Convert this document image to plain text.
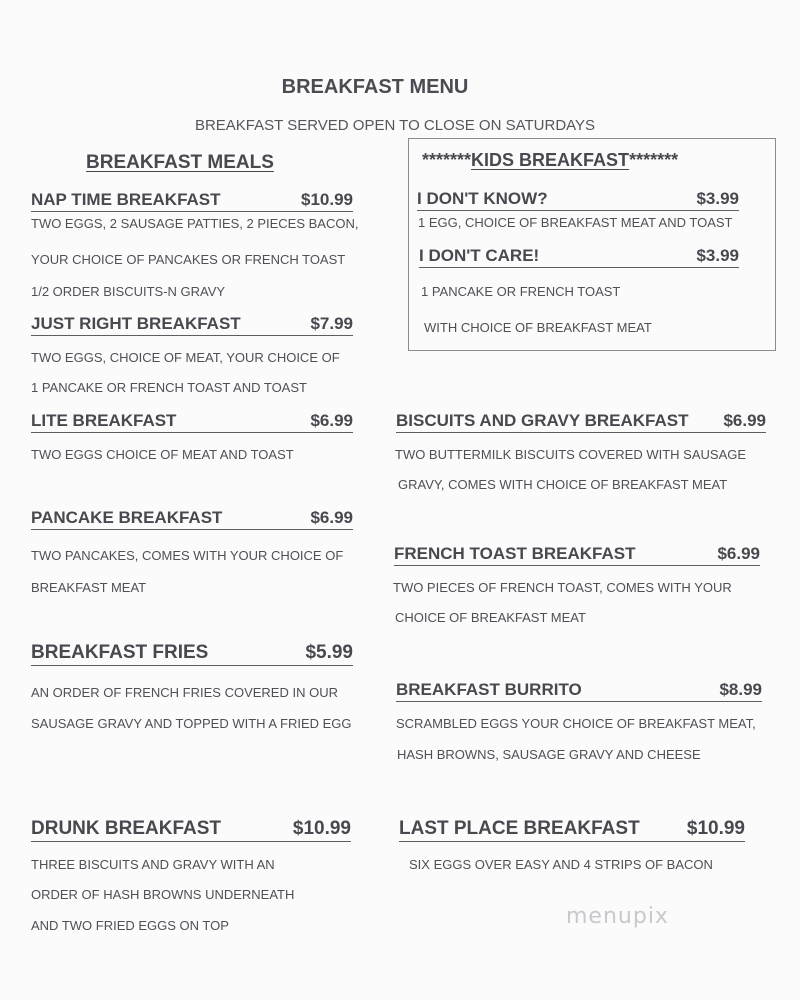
BREAKFAST MENU
BREAKFAST SERVED OPEN TO CLOSE ON SATURDAYS
BREAKFAST MEALS
NAP TIME BREAKFAST	$10.99
TWO EGGS, 2 SAUSAGE PATTIES, 2 PIECES BACON,
YOUR CHOICE OF PANCAKES OR FRENCH TOAST
1/2 ORDER BISCUITS-N GRAVY
JUST RIGHT BREAKFAST	$7.99
TWO EGGS, CHOICE OF MEAT, YOUR CHOICE OF
1 PANCAKE OR FRENCH TOAST AND TOAST
LITE BREAKFAST	$6.99
TWO EGGS CHOICE OF MEAT AND TOAST
PANCAKE BREAKFAST	$6.99
TWO PANCAKES, COMES WITH YOUR CHOICE OF
BREAKFAST MEAT
BREAKFAST FRIES	$5.99
AN ORDER OF FRENCH FRIES COVERED IN OUR
SAUSAGE GRAVY AND TOPPED WITH A FRIED EGG
DRUNK BREAKFAST	$10.99
THREE BISCUITS AND GRAVY WITH AN
ORDER OF HASH BROWNS UNDERNEATH
AND TWO FRIED EGGS ON TOP
*******KIDS BREAKFAST*******
I DON'T KNOW?	$3.99
1 EGG, CHOICE OF BREAKFAST MEAT AND TOAST
I DON'T CARE!	$3.99
1 PANCAKE OR FRENCH TOAST
WITH CHOICE OF BREAKFAST MEAT
BISCUITS AND GRAVY BREAKFAST $6.99
TWO BUTTERMILK BISCUITS COVERED WITH SAUSAGE
GRAVY, COMES WITH CHOICE OF BREAKFAST MEAT
FRENCH TOAST BREAKFAST	$6.99
TWO PIECES OF FRENCH TOAST, COMES WITH YOUR
CHOICE OF BREAKFAST MEAT
BREAKFAST BURRITO	$8.99
SCRAMBLED EGGS YOUR CHOICE OF BREAKFAST MEAT,
HASH BROWNS, SAUSAGE GRAVY AND CHEESE
LAST PLACE BREAKFAST $10.99
SIX EGGS OVER EASY AND 4 STRIPS OF BACON
menupix
